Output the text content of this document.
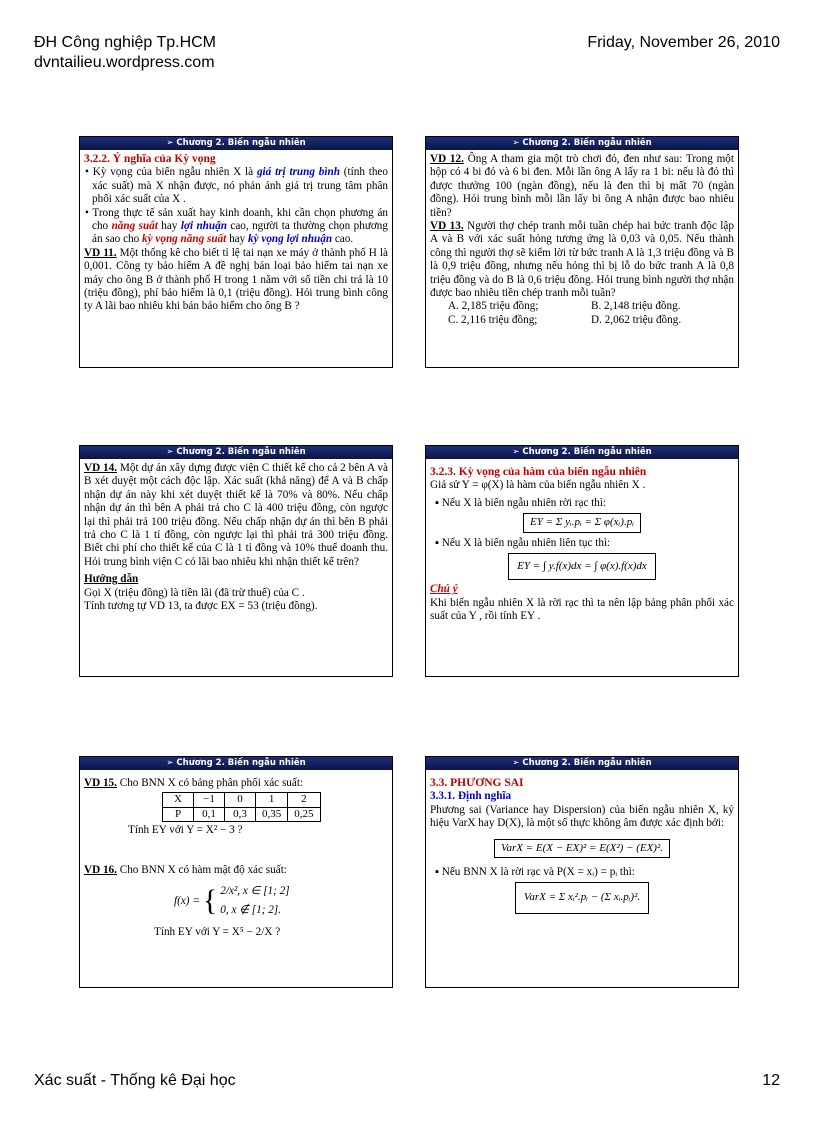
ĐH Công nghiệp Tp.HCM
dvntailieu.wordpress.com
Friday, November 26, 2010
➢ Chương 2. Biến ngẫu nhiên

3.2.2. Ý nghĩa của Kỳ vọng

• Kỳ vọng của biến ngẫu nhiên X là giá trị trung bình (tính theo xác suất) mà X nhận được, nó phản ánh giá trị trung tâm phân phối xác suất của X .

• Trong thực tế sản xuất hay kinh doanh, khi cần chọn phương án cho năng suất hay lợi nhuận cao, người ta thường chọn phương án sao cho kỳ vọng năng suất hay kỳ vọng lợi nhuận cao.

VD 11. Một thống kê cho biết tỉ lệ tai nạn xe máy ở thành phố H là 0,001. Công ty bảo hiểm A đề nghị bán loại bảo hiểm tai nạn xe máy cho ông B ở thành phố H trong 1 năm với số tiền chi trả là 10 (triệu đồng), phí bảo hiểm là 0,1 (triệu đồng). Hỏi trung bình công ty A lãi bao nhiêu khi bán bảo hiểm cho ông B ?

➢ Chương 2. Biến ngẫu nhiên

VD 12. Ông A tham gia một trò chơi đỏ, đen như sau: Trong một hộp có 4 bi đỏ và 6 bi đen. Mỗi lần ông A lấy ra 1 bi: nếu là đỏ thì được thưởng 100 (ngàn đồng), nếu là đen thì bị mất 70 (ngàn đồng). Hỏi trung bình mỗi lần lấy bi ông A nhận được bao nhiêu tiền?

VD 13. Người thợ chép tranh mỗi tuần chép hai bức tranh độc lập A và B với xác suất hỏng tương ứng là 0,03 và 0,05. Nếu thành công thì người thợ sẽ kiếm lời từ bức tranh A là 1,3 triệu đồng và B là 0,9 triệu đồng, nhưng nếu hỏng thì bị lỗ do bức tranh A là 0,8 triệu đồng và do B là 0,6 triệu đồng. Hỏi trung bình người thợ nhận được bao nhiêu tiền chép tranh mỗi tuần?

A. 2,185 triệu đồng;	B. 2,148 triệu đồng.
C. 2,116 triệu đồng;	D. 2,062 triệu đồng.
➢ Chương 2. Biến ngẫu nhiên

VD 14. Một dự án xây dựng được viện C thiết kế cho cả 2 bên A và B xét duyệt một cách độc lập. Xác suất (khả năng) để A và B chấp nhận dự án này khi xét duyệt thiết kế là 70% và 80%. Nếu chấp nhận dự án thì bên A phải trả cho C là 400 triệu đồng, còn ngược lại thì phải trả 100 triệu đồng. Nếu chấp nhận dự án thì bên B phải trả cho C là 1 tỉ đồng, còn ngược lại thì phải trả 300 triệu đồng. Biết chi phí cho thiết kế của C là 1 tỉ đồng và 10% thuế doanh thu. Hỏi trung bình viện C có lãi bao nhiêu khi nhận thiết kế trên?

Hướng dẫn

Gọi X (triệu đồng) là tiền lãi (đã trừ thuế) của C .

Tính tương tự VD 13, ta được EX = 53 (triệu đồng).

➢ Chương 2. Biến ngẫu nhiên

3.2.3. Kỳ vọng của hàm của biến ngẫu nhiên

Giả sử Y = φ(X) là hàm của biến ngẫu nhiên X .

▪ Nếu X là biến ngẫu nhiên rời rạc thì:

EY = Σ yᵢ.pᵢ = Σ φ(xᵢ).pᵢ

▪ Nếu X là biến ngẫu nhiên liên tục thì:

EY = ∫ y.f(x)dx = ∫ φ(x).f(x)dx

Chú ý

Khi biến ngẫu nhiên X là rời rạc thì ta nên lập bảng phân phối xác suất của Y , rồi tính EY .

➢ Chương 2. Biến ngẫu nhiên

VD 15. Cho BNN X có bảng phân phối xác suất:

X	−1	0	1	2
P	0,1	0,3	0,35	0,25

Tính EY với Y = X² − 3 ?

VD 16. Cho BNN X có hàm mật độ xác suất:

f(x) = { 2/x², x ∈ [1; 2]
0, x ∉ [1; 2].

Tính EY với Y = X⁵ − 2/X ?

➢ Chương 2. Biến ngẫu nhiên

3.3. PHƯƠNG SAI

3.3.1. Định nghĩa

Phương sai (Variance hay Dispersion) của biến ngẫu nhiên X, ký hiệu VarX hay D(X), là một số thực không âm được xác định bởi:

VarX = E(X − EX)² = E(X²) − (EX)².

▪ Nếu BNN X là rời rạc và P(X = xᵢ) = pᵢ thì:

VarX = Σ xᵢ².pᵢ − (Σ xᵢ.pᵢ)².
Xác suất - Thống kê Đại học	12
